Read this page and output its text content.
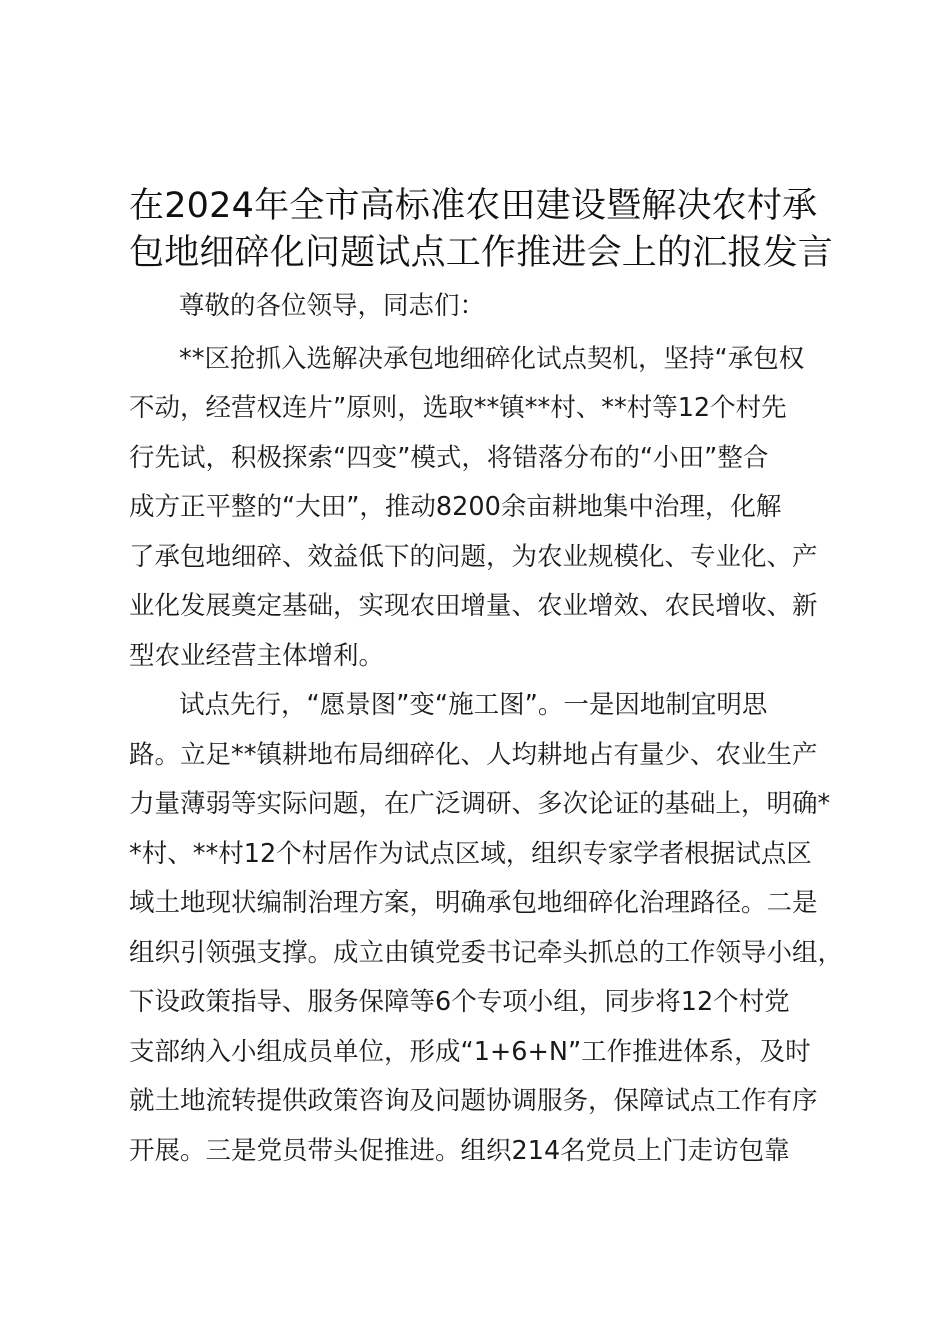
在2024年全市高标准农田建设暨解决农村承
包地细碎化问题试点工作推进会上的汇报发言
尊敬的各位领导，同志们：
**区抢抓入选解决承包地细碎化试点契机，坚持“承包权
不动，经营权连片”原则，选取**镇**村、**村等12个村先
行先试，积极探索“四变”模式，将错落分布的“小田”整合
成方正平整的“大田”，推动8200余亩耕地集中治理，化解
了承包地细碎、效益低下的问题，为农业规模化、专业化、产
业化发展奠定基础，实现农田增量、农业增效、农民增收、新
型农业经营主体增利。
试点先行，“愿景图”变“施工图”。一是因地制宜明思
路。立足**镇耕地布局细碎化、人均耕地占有量少、农业生产
力量薄弱等实际问题，在广泛调研、多次论证的基础上，明确*
*村、**村12个村居作为试点区域，组织专家学者根据试点区
域土地现状编制治理方案，明确承包地细碎化治理路径。二是
组织引领强支撑。成立由镇党委书记牵头抓总的工作领导小组，
下设政策指导、服务保障等6个专项小组，同步将12个村党
支部纳入小组成员单位，形成“1+6+N”工作推进体系，及时
就土地流转提供政策咨询及问题协调服务，保障试点工作有序
开展。三是党员带头促推进。组织214名党员上门走访包靠
